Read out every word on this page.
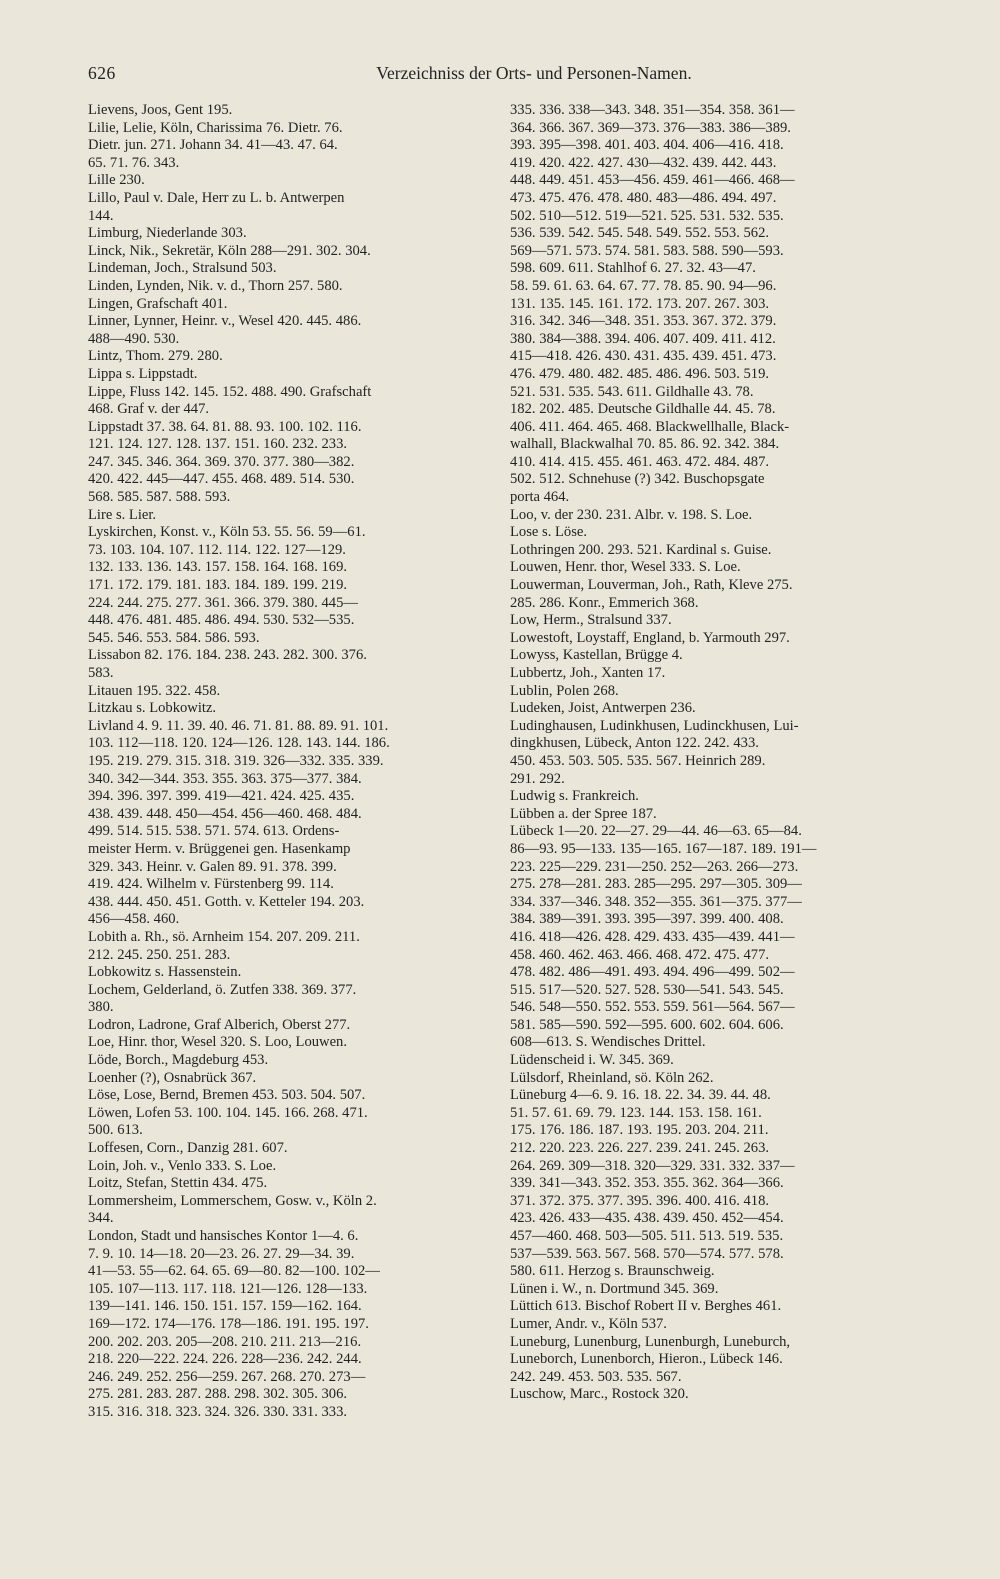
626	Verzeichniss der Orts- und Personen-Namen.
Lievens, Joos, Gent 195.
Lilie, Lelie, Köln, Charissima 76. Dietr. 76.
Dietr. jun. 271. Johann 34. 41—43. 47. 64.
65. 71. 76. 343.
Lille 230.
Lillo, Paul v. Dale, Herr zu L. b. Antwerpen
144.
Limburg, Niederlande 303.
Linck, Nik., Sekretär, Köln 288—291. 302. 304.
Lindeman, Joch., Stralsund 503.
Linden, Lynden, Nik. v. d., Thorn 257. 580.
Lingen, Grafschaft 401.
Linner, Lynner, Heinr. v., Wesel 420. 445. 486.
488—490. 530.
Lintz, Thom. 279. 280.
Lippa s. Lippstadt.
Lippe, Fluss 142. 145. 152. 488. 490. Grafschaft
468. Graf v. der 447.
Lippstadt 37. 38. 64. 81. 88. 93. 100. 102. 116.
121. 124. 127. 128. 137. 151. 160. 232. 233.
247. 345. 346. 364. 369. 370. 377. 380—382.
420. 422. 445—447. 455. 468. 489. 514. 530.
568. 585. 587. 588. 593.
Lire s. Lier.
Lyskirchen, Konst. v., Köln 53. 55. 56. 59—61.
73. 103. 104. 107. 112. 114. 122. 127—129.
132. 133. 136. 143. 157. 158. 164. 168. 169.
171. 172. 179. 181. 183. 184. 189. 199. 219.
224. 244. 275. 277. 361. 366. 379. 380. 445—
448. 476. 481. 485. 486. 494. 530. 532—535.
545. 546. 553. 584. 586. 593.
Lissabon 82. 176. 184. 238. 243. 282. 300. 376.
583.
Litauen 195. 322. 458.
Litzkau s. Lobkowitz.
Livland 4. 9. 11. 39. 40. 46. 71. 81. 88. 89. 91. 101.
103. 112—118. 120. 124—126. 128. 143. 144. 186.
195. 219. 279. 315. 318. 319. 326—332. 335. 339.
340. 342—344. 353. 355. 363. 375—377. 384.
394. 396. 397. 399. 419—421. 424. 425. 435.
438. 439. 448. 450—454. 456—460. 468. 484.
499. 514. 515. 538. 571. 574. 613. Ordens-
meister Herm. v. Brüggenei gen. Hasenkamp
329. 343. Heinr. v. Galen 89. 91. 378. 399.
419. 424. Wilhelm v. Fürstenberg 99. 114.
438. 444. 450. 451. Gotth. v. Ketteler 194. 203.
456—458. 460.
Lobith a. Rh., sö. Arnheim 154. 207. 209. 211.
212. 245. 250. 251. 283.
Lobkowitz s. Hassenstein.
Lochem, Gelderland, ö. Zutfen 338. 369. 377.
380.
Lodron, Ladrone, Graf Alberich, Oberst 277.
Loe, Hinr. thor, Wesel 320. S. Loo, Louwen.
Löde, Borch., Magdeburg 453.
Loenher (?), Osnabrück 367.
Löse, Lose, Bernd, Bremen 453. 503. 504. 507.
Löwen, Lofen 53. 100. 104. 145. 166. 268. 471.
500. 613.
Loffesen, Corn., Danzig 281. 607.
Loin, Joh. v., Venlo 333. S. Loe.
Loitz, Stefan, Stettin 434. 475.
Lommersheim, Lommerschem, Gosw. v., Köln 2.
344.
London, Stadt und hansisches Kontor 1—4. 6.
7. 9. 10. 14—18. 20—23. 26. 27. 29—34. 39.
41—53. 55—62. 64. 65. 69—80. 82—100. 102—
105. 107—113. 117. 118. 121—126. 128—133.
139—141. 146. 150. 151. 157. 159—162. 164.
169—172. 174—176. 178—186. 191. 195. 197.
200. 202. 203. 205—208. 210. 211. 213—216.
218. 220—222. 224. 226. 228—236. 242. 244.
246. 249. 252. 256—259. 267. 268. 270. 273—
275. 281. 283. 287. 288. 298. 302. 305. 306.
315. 316. 318. 323. 324. 326. 330. 331. 333.
335. 336. 338—343. 348. 351—354. 358. 361—
364. 366. 367. 369—373. 376—383. 386—389.
393. 395—398. 401. 403. 404. 406—416. 418.
419. 420. 422. 427. 430—432. 439. 442. 443.
448. 449. 451. 453—456. 459. 461—466. 468—
473. 475. 476. 478. 480. 483—486. 494. 497.
502. 510—512. 519—521. 525. 531. 532. 535.
536. 539. 542. 545. 548. 549. 552. 553. 562.
569—571. 573. 574. 581. 583. 588. 590—593.
598. 609. 611. Stahlhof 6. 27. 32. 43—47.
58. 59. 61. 63. 64. 67. 77. 78. 85. 90. 94—96.
131. 135. 145. 161. 172. 173. 207. 267. 303.
316. 342. 346—348. 351. 353. 367. 372. 379.
380. 384—388. 394. 406. 407. 409. 411. 412.
415—418. 426. 430. 431. 435. 439. 451. 473.
476. 479. 480. 482. 485. 486. 496. 503. 519.
521. 531. 535. 543. 611. Gildhalle 43. 78.
182. 202. 485. Deutsche Gildhalle 44. 45. 78.
406. 411. 464. 465. 468. Blackwellhalle, Black-
walhall, Blackwalhal 70. 85. 86. 92. 342. 384.
410. 414. 415. 455. 461. 463. 472. 484. 487.
502. 512. Schnehuse (?) 342. Buschopsgate
porta 464.
Loo, v. der 230. 231. Albr. v. 198. S. Loe.
Lose s. Löse.
Lothringen 200. 293. 521. Kardinal s. Guise.
Louwen, Henr. thor, Wesel 333. S. Loe.
Louwerman, Louverman, Joh., Rath, Kleve 275.
285. 286. Konr., Emmerich 368.
Low, Herm., Stralsund 337.
Lowestoft, Loystaff, England, b. Yarmouth 297.
Lowyss, Kastellan, Brügge 4.
Lubbertz, Joh., Xanten 17.
Lublin, Polen 268.
Ludeken, Joist, Antwerpen 236.
Ludinghausen, Ludinkhusen, Ludinckhusen, Lui-
dingkhusen, Lübeck, Anton 122. 242. 433.
450. 453. 503. 505. 535. 567. Heinrich 289.
291. 292.
Ludwig s. Frankreich.
Lübben a. der Spree 187.
Lübeck 1—20. 22—27. 29—44. 46—63. 65—84.
86—93. 95—133. 135—165. 167—187. 189. 191—
223. 225—229. 231—250. 252—263. 266—273.
275. 278—281. 283. 285—295. 297—305. 309—
334. 337—346. 348. 352—355. 361—375. 377—
384. 389—391. 393. 395—397. 399. 400. 408.
416. 418—426. 428. 429. 433. 435—439. 441—
458. 460. 462. 463. 466. 468. 472. 475. 477.
478. 482. 486—491. 493. 494. 496—499. 502—
515. 517—520. 527. 528. 530—541. 543. 545.
546. 548—550. 552. 553. 559. 561—564. 567—
581. 585—590. 592—595. 600. 602. 604. 606.
608—613. S. Wendisches Drittel.
Lüdenscheid i. W. 345. 369.
Lülsdorf, Rheinland, sö. Köln 262.
Lüneburg 4—6. 9. 16. 18. 22. 34. 39. 44. 48.
51. 57. 61. 69. 79. 123. 144. 153. 158. 161.
175. 176. 186. 187. 193. 195. 203. 204. 211.
212. 220. 223. 226. 227. 239. 241. 245. 263.
264. 269. 309—318. 320—329. 331. 332. 337—
339. 341—343. 352. 353. 355. 362. 364—366.
371. 372. 375. 377. 395. 396. 400. 416. 418.
423. 426. 433—435. 438. 439. 450. 452—454.
457—460. 468. 503—505. 511. 513. 519. 535.
537—539. 563. 567. 568. 570—574. 577. 578.
580. 611. Herzog s. Braunschweig.
Lünen i. W., n. Dortmund 345. 369.
Lüttich 613. Bischof Robert II v. Berghes 461.
Lumer, Andr. v., Köln 537.
Luneburg, Lunenburg, Lunenburgh, Luneburch,
Luneborch, Lunenborch, Hieron., Lübeck 146.
242. 249. 453. 503. 535. 567.
Luschow, Marc., Rostock 320.
